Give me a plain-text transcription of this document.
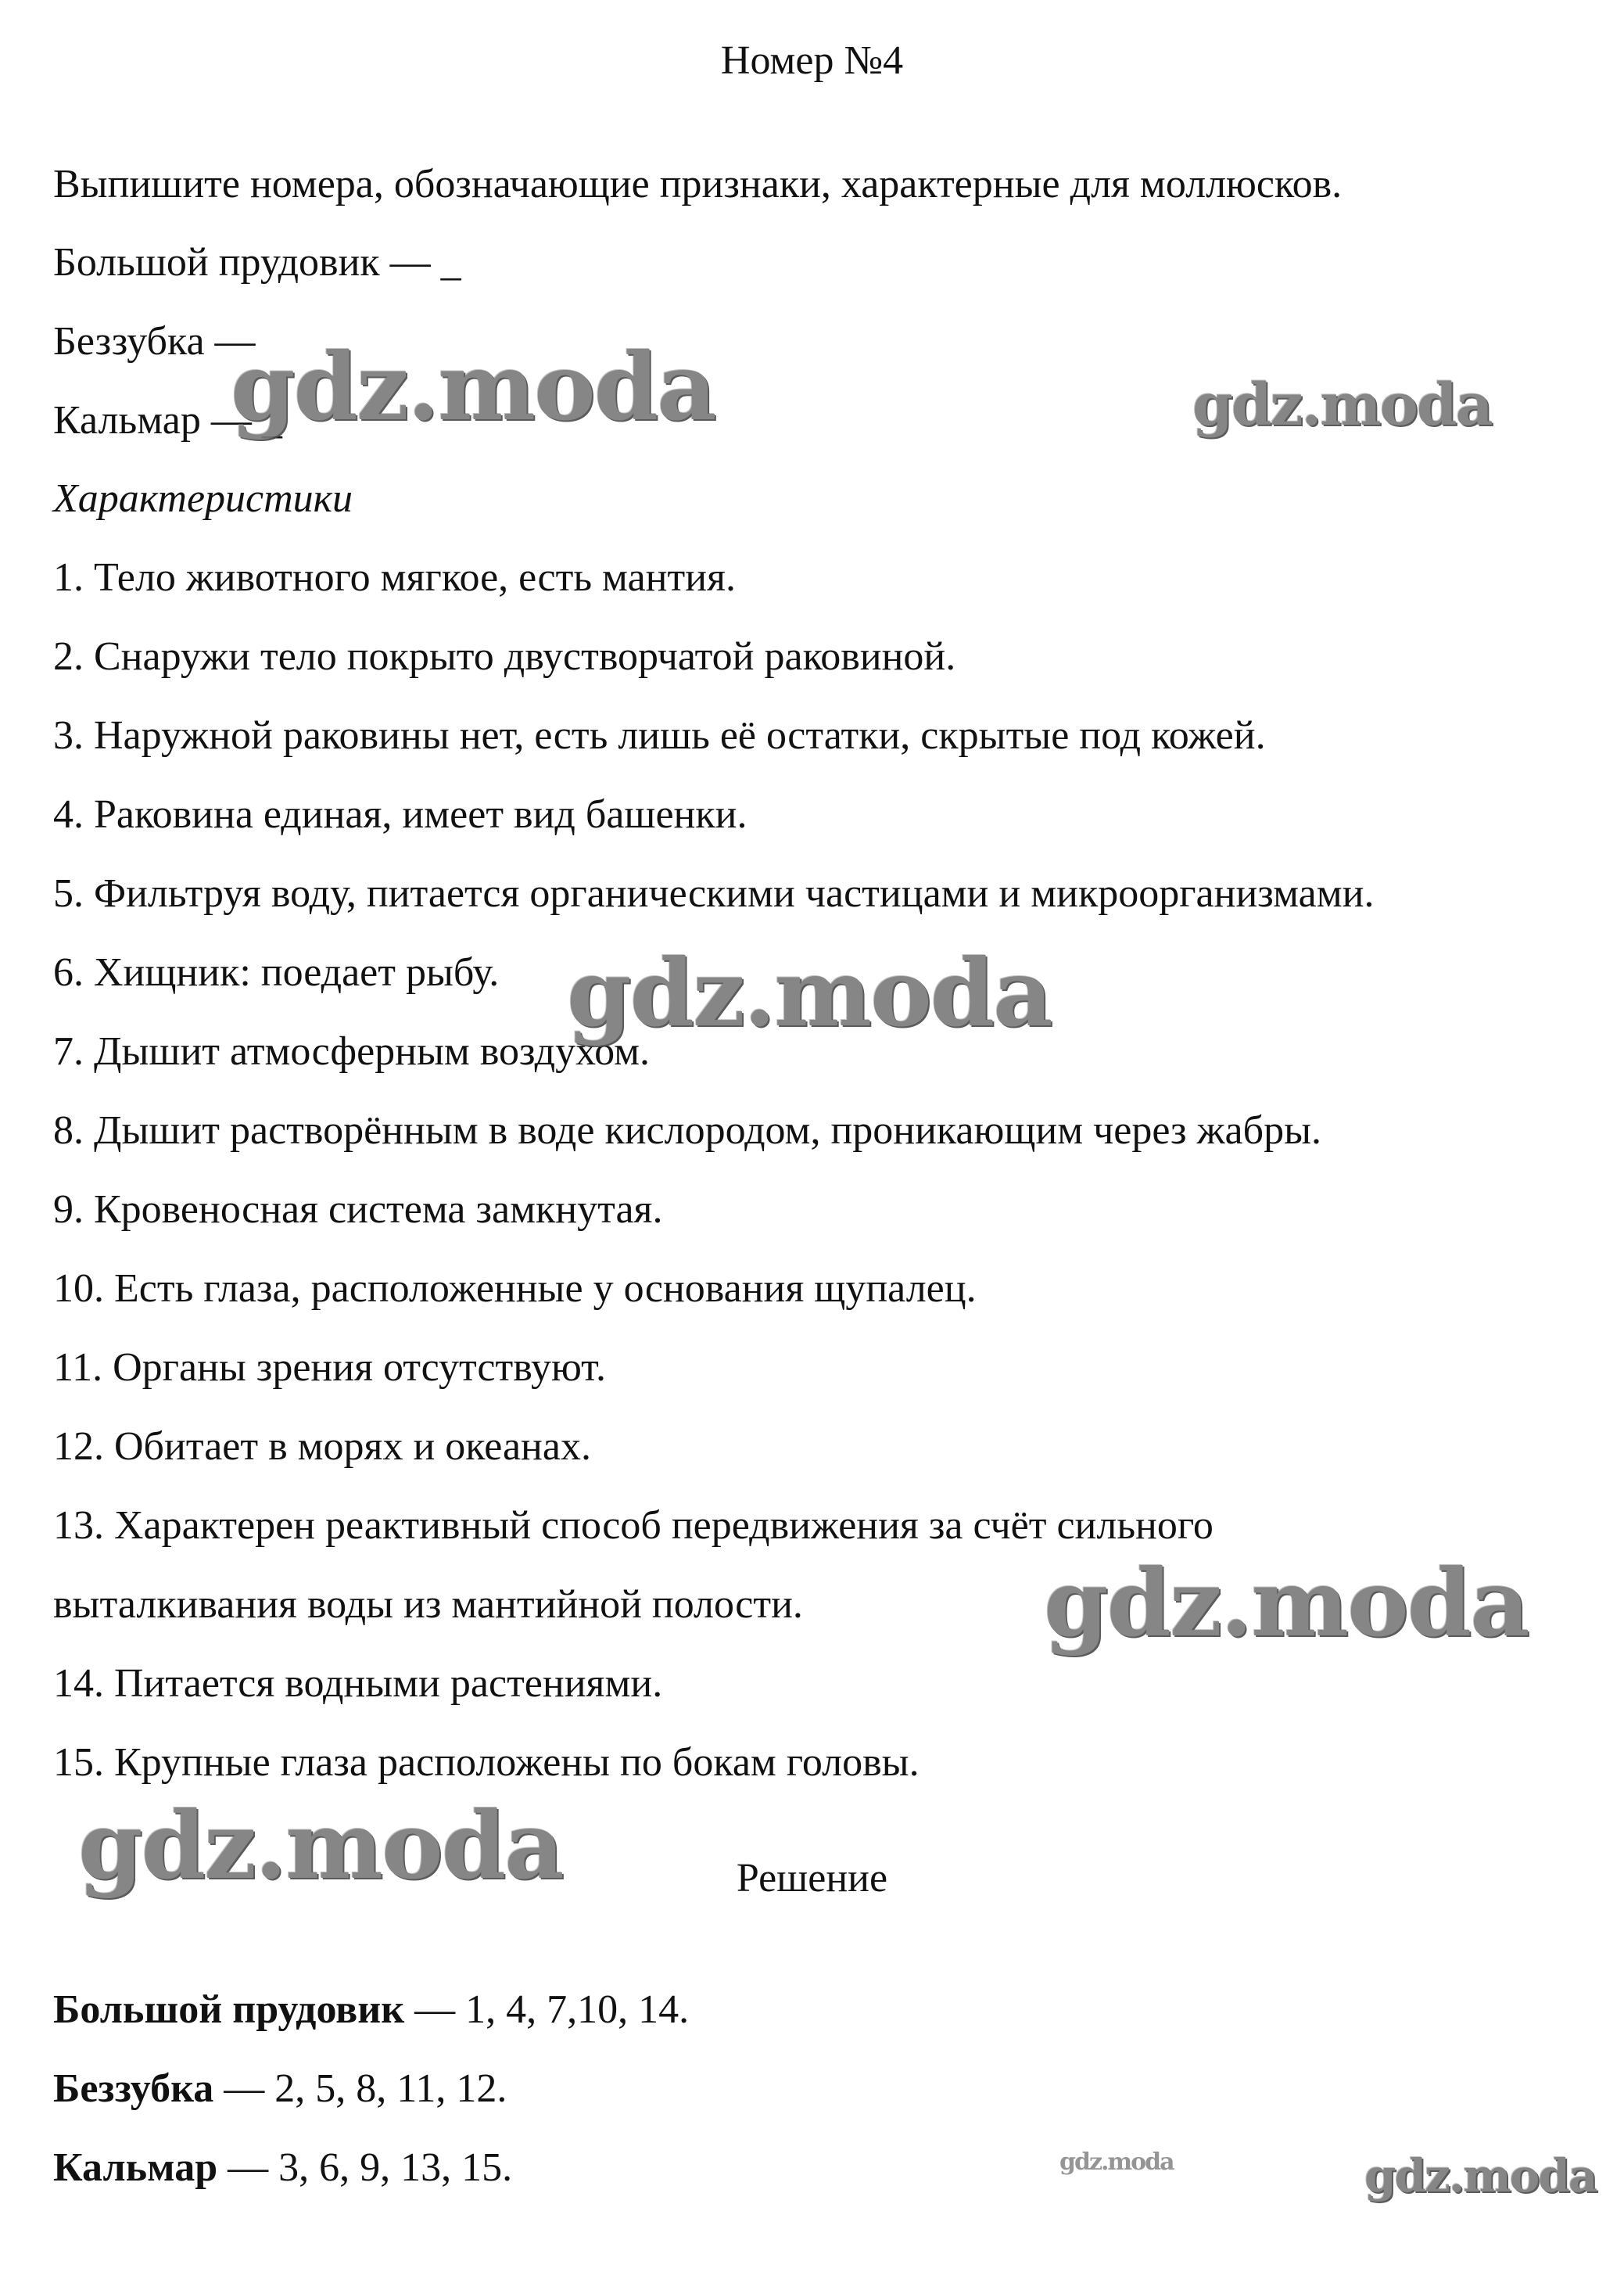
Номер №4
Выпишите номера, обозначающие признаки, характерные для моллюсков.
Большой прудовик — _
Беззубка —
Кальмар — _
Характеристики
1. Тело животного мягкое, есть мантия.
2. Снаружи тело покрыто двустворчатой раковиной.
3. Наружной раковины нет, есть лишь её остатки, скрытые под кожей.
4. Раковина единая, имеет вид башенки.
5. Фильтруя воду, питается органическими частицами и микроорганизмами.
6. Хищник: поедает рыбу.
7. Дышит атмосферным воздухом.
8. Дышит растворённым в воде кислородом, проникающим через жабры.
9. Кровеносная система замкнутая.
10. Есть глаза, расположенные у основания щупалец.
11. Органы зрения отсутствуют.
12. Обитает в морях и океанах.
13. Характерен реактивный способ передвижения за счёт сильного
выталкивания воды из мантийной полости.
14. Питается водными растениями.
15. Крупные глаза расположены по бокам головы.
Решение
Большой прудовик — 1, 4, 7,10, 14.
Беззубка — 2, 5, 8, 11, 12.
Кальмар — 3, 6, 9, 13, 15.
gdz.moda	gdz.moda
gdz.moda
gdz.moda
gdz.moda
gdz.moda	gdz.moda
